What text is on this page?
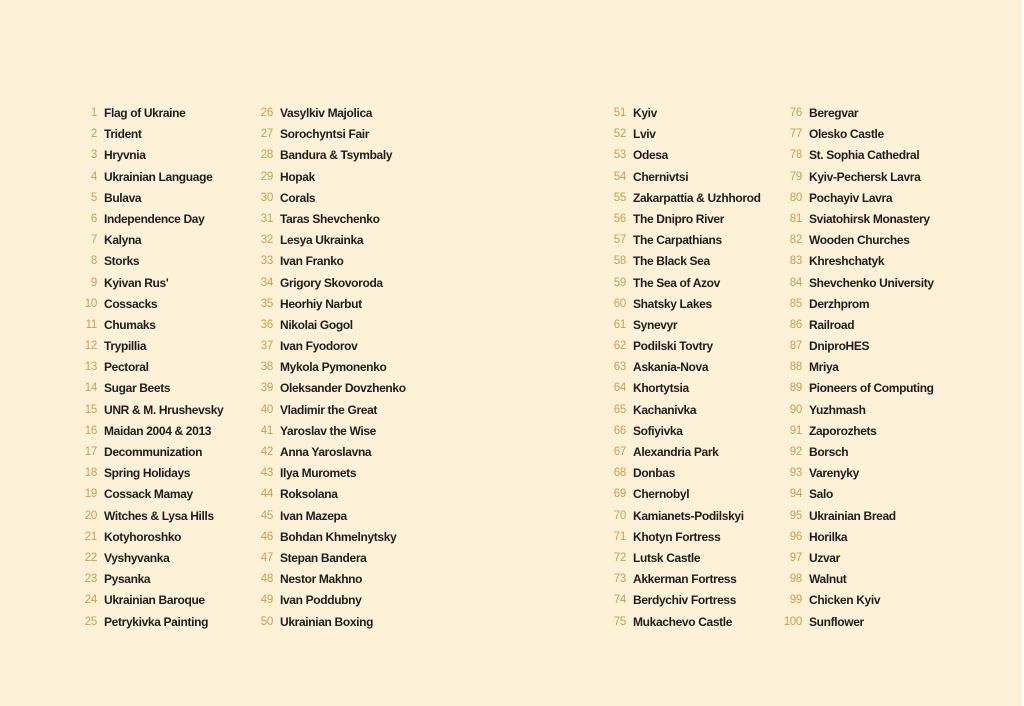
1 Flag of Ukraine
2 Trident
3 Hryvnia
4 Ukrainian Language
5 Bulava
6 Independence Day
7 Kalyna
8 Storks
9 Kyivan Rus'
10 Cossacks
11 Chumaks
12 Trypillia
13 Pectoral
14 Sugar Beets
15 UNR & M. Hrushevsky
16 Maidan 2004 & 2013
17 Decommunization
18 Spring Holidays
19 Cossack Mamay
20 Witches & Lysa Hills
21 Kotyhoroshko
22 Vyshyvanka
23 Pysanka
24 Ukrainian Baroque
25 Petrykivka Painting
26 Vasylkiv Majolica
27 Sorochyntsi Fair
28 Bandura & Tsymbaly
29 Hopak
30 Corals
31 Taras Shevchenko
32 Lesya Ukrainka
33 Ivan Franko
34 Grigory Skovoroda
35 Heorhiy Narbut
36 Nikolai Gogol
37 Ivan Fyodorov
38 Mykola Pymonenko
39 Oleksander Dovzhenko
40 Vladimir the Great
41 Yaroslav the Wise
42 Anna Yaroslavna
43 Ilya Muromets
44 Roksolana
45 Ivan Mazepa
46 Bohdan Khmelnytsky
47 Stepan Bandera
48 Nestor Makhno
49 Ivan Poddubny
50 Ukrainian Boxing
51 Kyiv
52 Lviv
53 Odesa
54 Chernivtsi
55 Zakarpattia & Uzhhorod
56 The Dnipro River
57 The Carpathians
58 The Black Sea
59 The Sea of Azov
60 Shatsky Lakes
61 Synevyr
62 Podilski Tovtry
63 Askania-Nova
64 Khortytsia
65 Kachanivka
66 Sofiyivka
67 Alexandria Park
68 Donbas
69 Chernobyl
70 Kamianets-Podilskyi
71 Khotyn Fortress
72 Lutsk Castle
73 Akkerman Fortress
74 Berdychiv Fortress
75 Mukachevo Castle
76 Beregvar
77 Olesko Castle
78 St. Sophia Cathedral
79 Kyiv-Pechersk Lavra
80 Pochayiv Lavra
81 Sviatohirsk Monastery
82 Wooden Churches
83 Khreshchatyk
84 Shevchenko University
85 Derzhprom
86 Railroad
87 DniproHES
88 Mriya
89 Pioneers of Computing
90 Yuzhmash
91 Zaporozhets
92 Borsch
93 Varenyky
94 Salo
95 Ukrainian Bread
96 Horilka
97 Uzvar
98 Walnut
99 Chicken Kyiv
100 Sunflower
